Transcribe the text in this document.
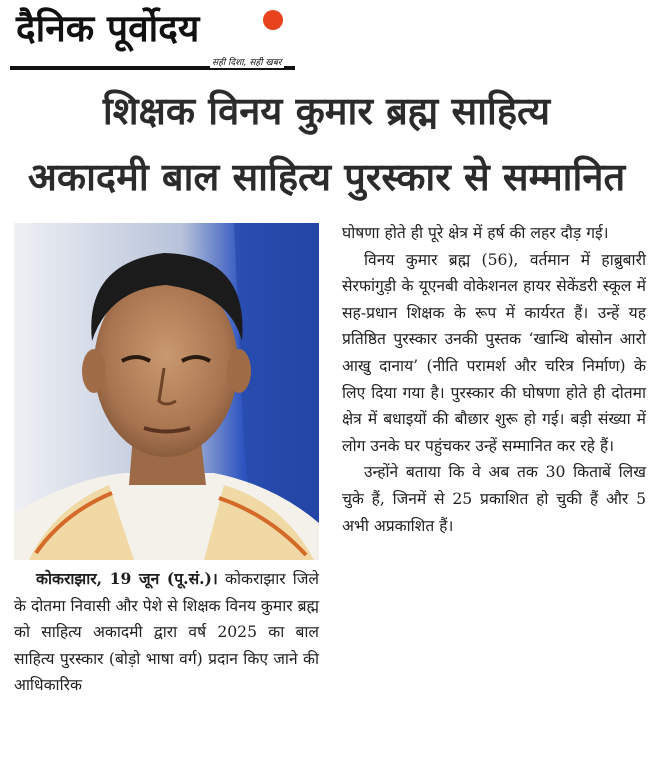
दैनिक पूर्वोदय
सही दिशा, सही खबर
शिक्षक विनय कुमार ब्रह्म साहित्य
अकादमी बाल साहित्य पुरस्कार से सम्मानित

घोषणा होते ही पूरे क्षेत्र में हर्ष की लहर दौड़ गई।

विनय कुमार ब्रह्म (56), वर्तमान में हाब्रुबारी सेरफांगुड़ी के यूएनबी वोकेशनल हायर सेकेंडरी स्कूल में सह-प्रधान शिक्षक के रूप में कार्यरत हैं। उन्हें यह प्रतिष्ठित पुरस्कार उनकी पुस्तक ‘खान्थि बोसोन आरो आखु दानाय’ (नीति परामर्श और चरित्र निर्माण) के लिए दिया गया है। पुरस्कार की घोषणा होते ही दोतमा क्षेत्र में बधाइयों की बौछार शुरू हो गई। बड़ी संख्या में लोग उनके घर पहुंचकर उन्हें सम्मानित कर रहे हैं।

उन्होंने बताया कि वे अब तक 30 किताबें लिख चुके हैं, जिनमें से 25 प्रकाशित हो चुकी हैं और 5 अभी अप्रकाशित हैं।

कोकराझार, 19 जून (पू.सं.)। कोकराझार जिले के दोतमा निवासी और पेशे से शिक्षक विनय कुमार ब्रह्म को साहित्य अकादमी द्वारा वर्ष 2025 का बाल साहित्य पुरस्कार (बोड़ो भाषा वर्ग) प्रदान किए जाने की आधिकारिक
